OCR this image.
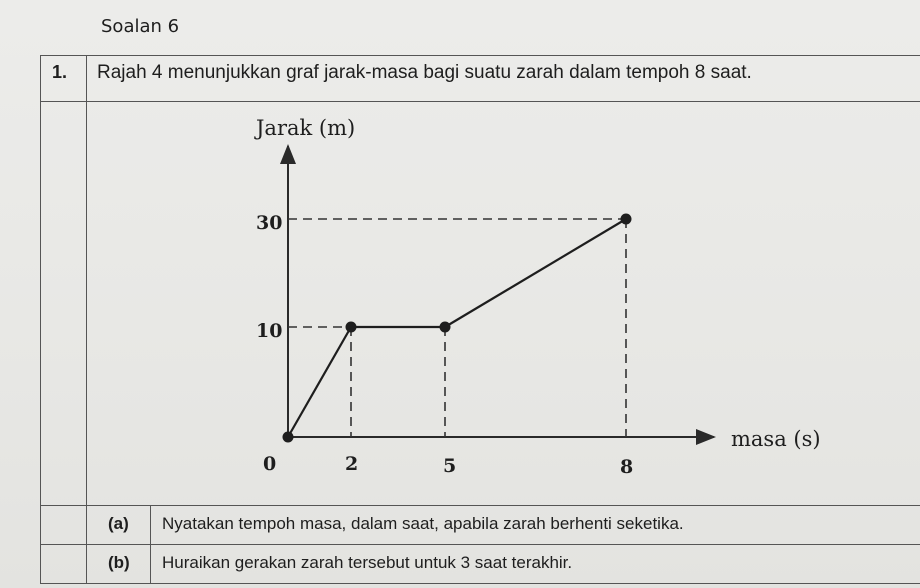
Soalan 6
1. Rajah 4 menunjukkan graf jarak-masa bagi suatu zarah dalam tempoh 8 saat.
Jarak (m)
masa (s)
0	2	5	8
10
30
(a) Nyatakan tempoh masa, dalam saat, apabila zarah berhenti seketika.
(b) Huraikan gerakan zarah tersebut untuk 3 saat terakhir.
